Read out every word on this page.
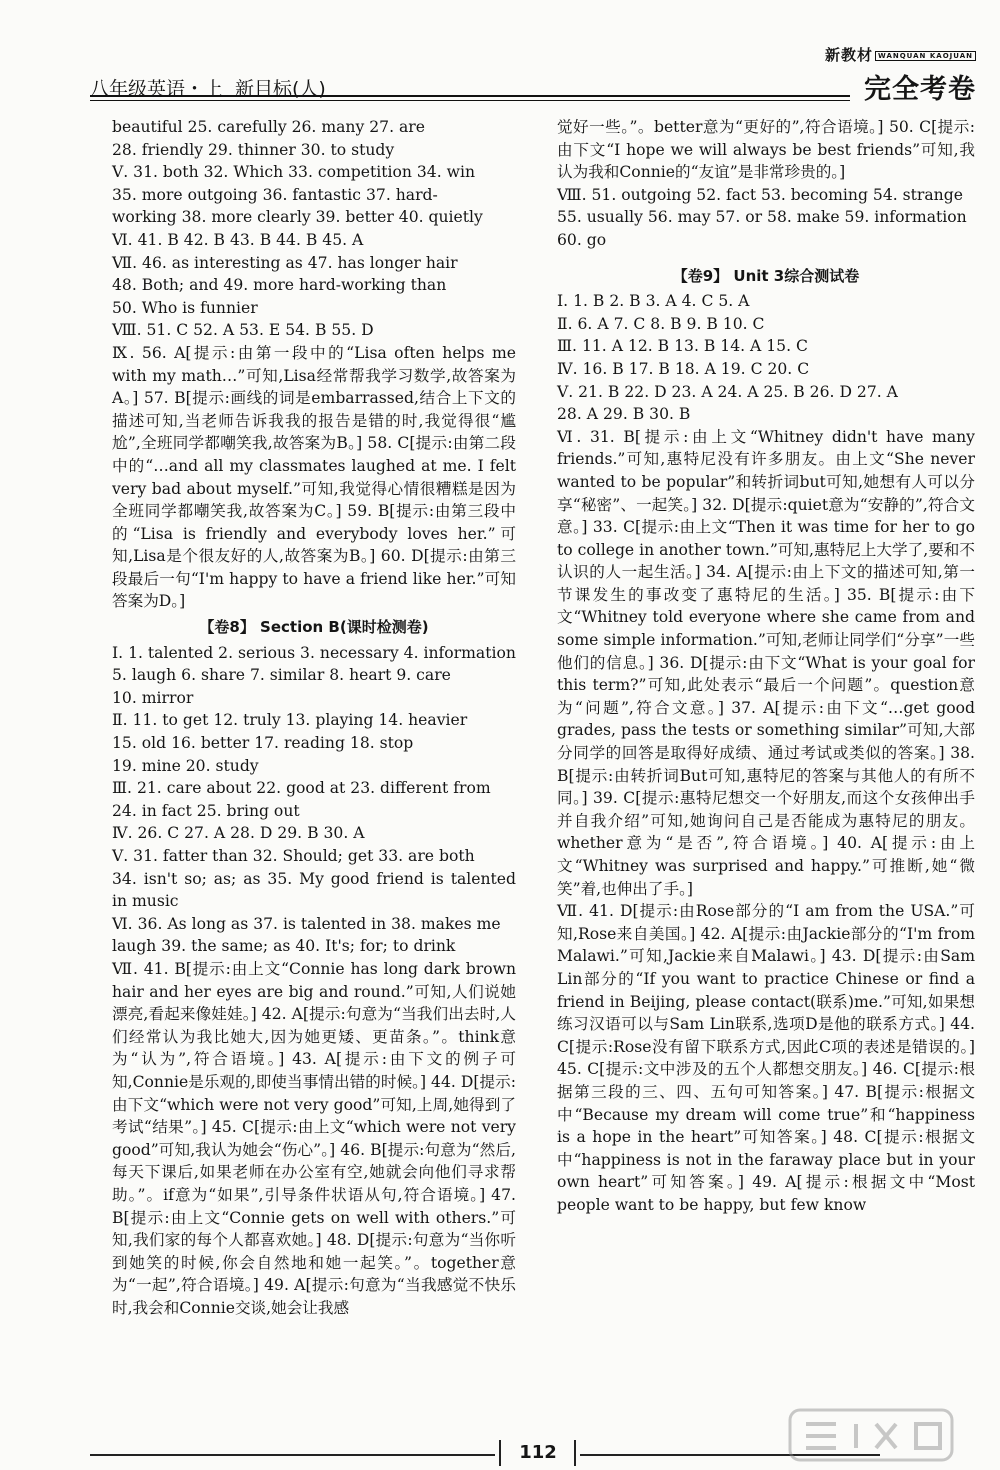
八年级英语・上 新目标(人)
新教材 WANQUAN KAOJUAN
完全考卷

beautiful 25. carefully 26. many 27. are

28. friendly 29. thinner 30. to study

Ⅴ. 31. both 32. Which 33. competition 34. win

35. more outgoing 36. fantastic 37. hard-

working 38. more clearly 39. better 40. quietly

Ⅵ. 41. B 42. B 43. B 44. B 45. A

Ⅶ. 46. as interesting as 47. has longer hair

48. Both; and 49. more hard-working than

50. Who is funnier

Ⅷ. 51. C 52. A 53. E 54. B 55. D

Ⅸ. 56. A[提示:由第一段中的“Lisa often helps me with my math…”可知,Lisa经常帮我学习数学,故答案为A。] 57. B[提示:画线的词是embarrassed,结合上下文的描述可知,当老师告诉我我的报告是错的时,我觉得很“尴尬”,全班同学都嘲笑我,故答案为B。] 58. C[提示:由第二段中的“…and all my classmates laughed at me. I felt very bad about myself.”可知,我觉得心情很糟糕是因为全班同学都嘲笑我,故答案为C。] 59. B[提示:由第三段中的“Lisa is friendly and everybody loves her.”可知,Lisa是个很友好的人,故答案为B。] 60. D[提示:由第三段最后一句“I'm happy to have a friend like her.”可知答案为D。]

【卷8】 Section B(课时检测卷)

Ⅰ. 1. talented 2. serious 3. necessary 4. information

5. laugh 6. share 7. similar 8. heart 9. care

10. mirror

Ⅱ. 11. to get 12. truly 13. playing 14. heavier

15. old 16. better 17. reading 18. stop

19. mine 20. study

Ⅲ. 21. care about 22. good at 23. different from

24. in fact 25. bring out

Ⅳ. 26. C 27. A 28. D 29. B 30. A

Ⅴ. 31. fatter than 32. Should; get 33. are both

34. isn't so; as; as 35. My good friend is talented in music

Ⅵ. 36. As long as 37. is talented in 38. makes me

laugh 39. the same; as 40. It's; for; to drink

Ⅶ. 41. B[提示:由上文“Connie has long dark brown hair and her eyes are big and round.”可知,人们说她漂亮,看起来像娃娃。] 42. A[提示:句意为“当我们出去时,人们经常认为我比她大,因为她更矮、更苗条。”。think意为“认为”,符合语境。] 43. A[提示:由下文的例子可知,Connie是乐观的,即使当事情出错的时候。] 44. D[提示:由下文“which were not very good”可知,上周,她得到了考试“结果”。] 45. C[提示:由上文“which were not very good”可知,我认为她会“伤心”。] 46. B[提示:句意为“然后,每天下课后,如果老师在办公室有空,她就会向他们寻求帮助。”。if意为“如果”,引导条件状语从句,符合语境。] 47. B[提示:由上文“Connie gets on well with others.”可知,我们家的每个人都喜欢她。] 48. D[提示:句意为“当你听到她笑的时候,你会自然地和她一起笑。”。together意为“一起”,符合语境。] 49. A[提示:句意为“当我感觉不快乐时,我会和Connie交谈,她会让我感

觉好一些。”。better意为“更好的”,符合语境。] 50. C[提示:由下文“I hope we will always be best friends”可知,我认为我和Connie的“友谊”是非常珍贵的。]

Ⅷ. 51. outgoing 52. fact 53. becoming 54. strange

55. usually 56. may 57. or 58. make 59. information

60. go

【卷9】 Unit 3综合测试卷

Ⅰ. 1. B 2. B 3. A 4. C 5. A

Ⅱ. 6. A 7. C 8. B 9. B 10. C

Ⅲ. 11. A 12. B 13. B 14. A 15. C

Ⅳ. 16. B 17. B 18. A 19. C 20. C

Ⅴ. 21. B 22. D 23. A 24. A 25. B 26. D 27. A

28. A 29. B 30. B

Ⅵ. 31. B[提示:由上文“Whitney didn't have many friends.”可知,惠特尼没有许多朋友。由上文“She never wanted to be popular”和转折词but可知,她想有人可以分享“秘密”、一起笑。] 32. D[提示:quiet意为“安静的”,符合文意。] 33. C[提示:由上文“Then it was time for her to go to college in another town.”可知,惠特尼上大学了,要和不认识的人一起生活。] 34. A[提示:由上下文的描述可知,第一节课发生的事改变了惠特尼的生活。] 35. B[提示:由下文“Whitney told everyone where she came from and some simple information.”可知,老师让同学们“分享”一些他们的信息。] 36. D[提示:由下文“What is your goal for this term?”可知,此处表示“最后一个问题”。question意为“问题”,符合文意。] 37. A[提示:由下文“…get good grades, pass the tests or something similar”可知,大部分同学的回答是取得好成绩、通过考试或类似的答案。] 38. B[提示:由转折词But可知,惠特尼的答案与其他人的有所不同。] 39. C[提示:惠特尼想交一个好朋友,而这个女孩伸出手并自我介绍”可知,她询问自己是否能成为惠特尼的朋友。whether意为“是否”,符合语境。] 40. A[提示:由上文“Whitney was surprised and happy.”可推断,她“微笑”着,也伸出了手。]

Ⅶ. 41. D[提示:由Rose部分的“I am from the USA.”可知,Rose来自美国。] 42. A[提示:由Jackie部分的“I'm from Malawi.”可知,Jackie来自Malawi。] 43. D[提示:由Sam Lin部分的“If you want to practice Chinese or find a friend in Beijing, please contact(联系)me.”可知,如果想练习汉语可以与Sam Lin联系,选项D是他的联系方式。] 44. C[提示:Rose没有留下联系方式,因此C项的表述是错误的。] 45. C[提示:文中涉及的五个人都想交朋友。] 46. C[提示:根据第三段的三、四、五句可知答案。] 47. B[提示:根据文中“Because my dream will come true”和“happiness is a hope in the heart”可知答案。] 48. C[提示:根据文中“happiness is not in the faraway place but in your own heart”可知答案。] 49. A[提示:根据文中“Most people want to be happy, but few know

112
